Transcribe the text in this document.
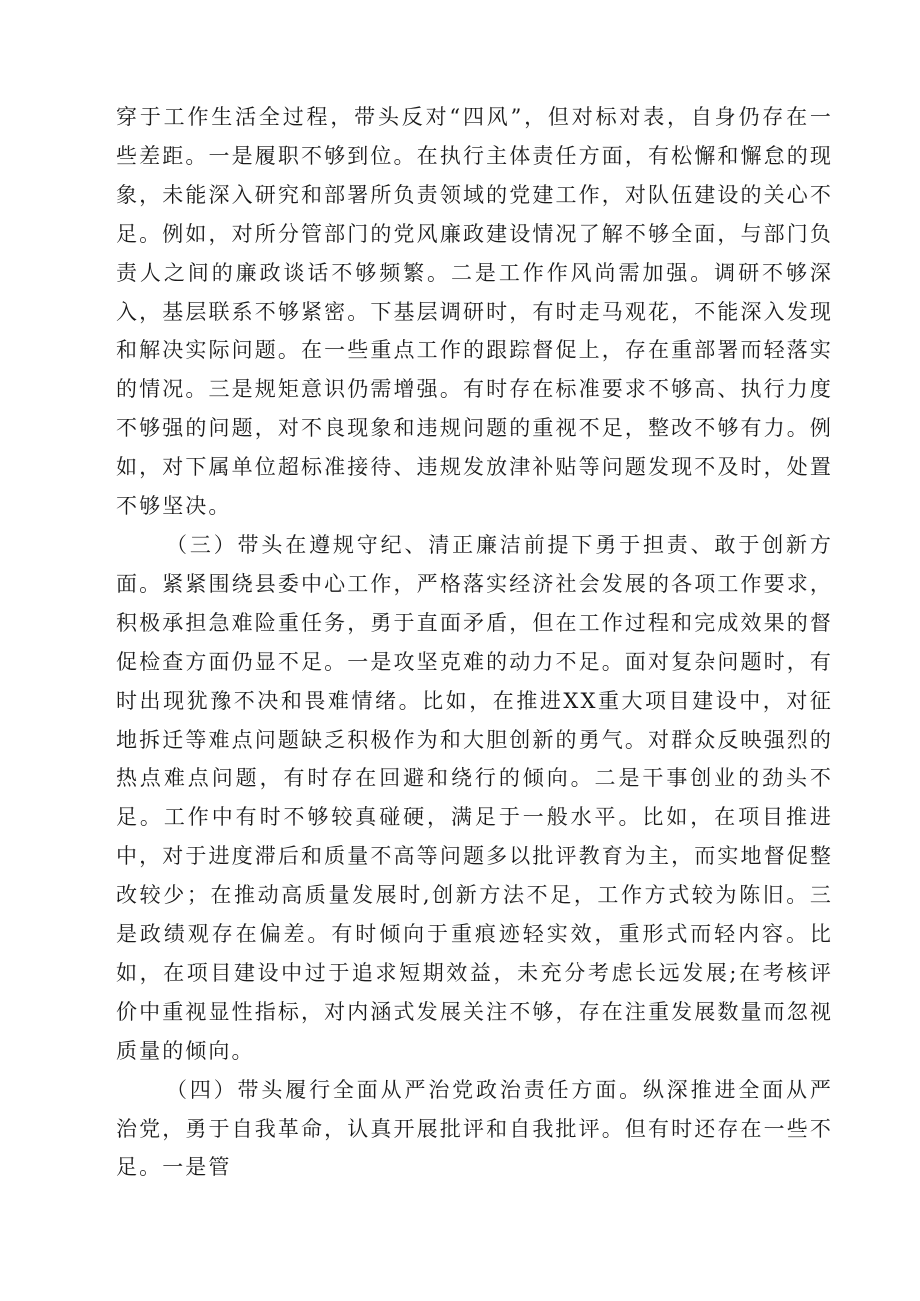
穿于工作生活全过程，带头反对“四风”，但对标对表，自身仍存在一些差距。一是履职不够到位。在执行主体责任方面，有松懈和懈怠的现象，未能深入研究和部署所负责领域的党建工作，对队伍建设的关心不足。例如，对所分管部门的党风廉政建设情况了解不够全面，与部门负责人之间的廉政谈话不够频繁。二是工作作风尚需加强。调研不够深入，基层联系不够紧密。下基层调研时，有时走马观花，不能深入发现和解决实际问题。在一些重点工作的跟踪督促上，存在重部署而轻落实的情况。三是规矩意识仍需增强。有时存在标准要求不够高、执行力度不够强的问题，对不良现象和违规问题的重视不足，整改不够有力。例如，对下属单位超标准接待、违规发放津补贴等问题发现不及时，处置不够坚决。

（三）带头在遵规守纪、清正廉洁前提下勇于担责、敢于创新方面。紧紧围绕县委中心工作，严格落实经济社会发展的各项工作要求，积极承担急难险重任务，勇于直面矛盾，但在工作过程和完成效果的督促检查方面仍显不足。一是攻坚克难的动力不足。面对复杂问题时，有时出现犹豫不决和畏难情绪。比如，在推进XX重大项目建设中，对征地拆迁等难点问题缺乏积极作为和大胆创新的勇气。对群众反映强烈的热点难点问题，有时存在回避和绕行的倾向。二是干事创业的劲头不足。工作中有时不够较真碰硬，满足于一般水平。比如，在项目推进中，对于进度滞后和质量不高等问题多以批评教育为主，而实地督促整改较少；在推动高质量发展时,创新方法不足，工作方式较为陈旧。三是政绩观存在偏差。有时倾向于重痕迹轻实效，重形式而轻内容。比如，在项目建设中过于追求短期效益，未充分考虑长远发展;在考核评价中重视显性指标，对内涵式发展关注不够，存在注重发展数量而忽视质量的倾向。

（四）带头履行全面从严治党政治责任方面。纵深推进全面从严治党，勇于自我革命，认真开展批评和自我批评。但有时还存在一些不足。一是管
